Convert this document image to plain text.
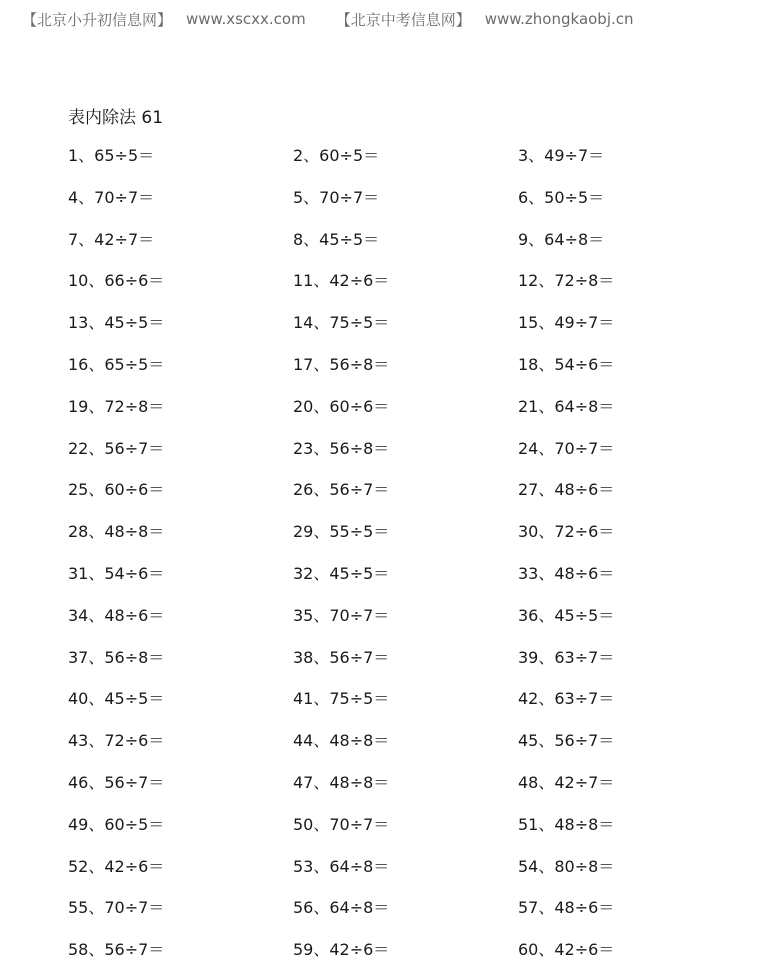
【北京小升初信息网】 www.xscxx.com 【北京中考信息网】 www.zhongkaobj.cn
表内除法 61
1、65÷5＝	2、60÷5＝	3、49÷7＝
4、70÷7＝	5、70÷7＝	6、50÷5＝
7、42÷7＝	8、45÷5＝	9、64÷8＝
10、66÷6＝	11、42÷6＝	12、72÷8＝
13、45÷5＝	14、75÷5＝	15、49÷7＝
16、65÷5＝	17、56÷8＝	18、54÷6＝
19、72÷8＝	20、60÷6＝	21、64÷8＝
22、56÷7＝	23、56÷8＝	24、70÷7＝
25、60÷6＝	26、56÷7＝	27、48÷6＝
28、48÷8＝	29、55÷5＝	30、72÷6＝
31、54÷6＝	32、45÷5＝	33、48÷6＝
34、48÷6＝	35、70÷7＝	36、45÷5＝
37、56÷8＝	38、56÷7＝	39、63÷7＝
40、45÷5＝	41、75÷5＝	42、63÷7＝
43、72÷6＝	44、48÷8＝	45、56÷7＝
46、56÷7＝	47、48÷8＝	48、42÷7＝
49、60÷5＝	50、70÷7＝	51、48÷8＝
52、42÷6＝	53、64÷8＝	54、80÷8＝
55、70÷7＝	56、64÷8＝	57、48÷6＝
58、56÷7＝	59、42÷6＝	60、42÷6＝
